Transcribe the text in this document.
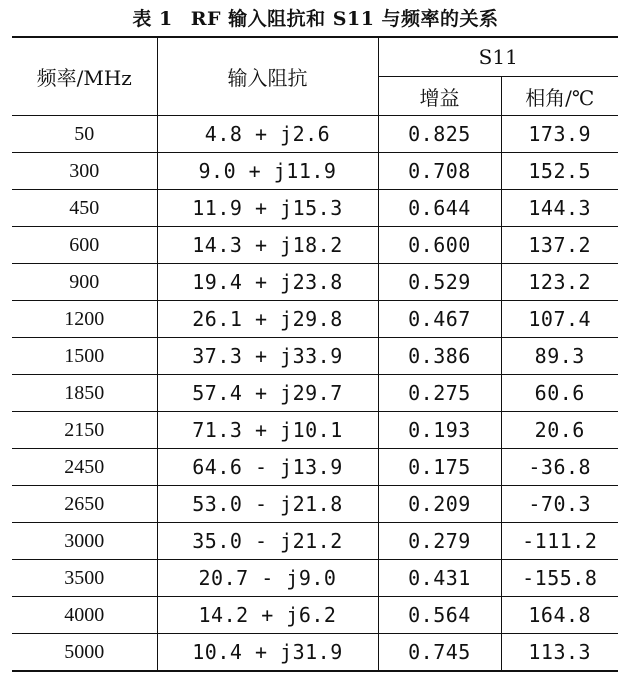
表 1 RF 输入阻抗和 S11 与频率的关系
频率/MHz	输入阻抗	S11	
		增益	相角/℃
50	4.8 + j2.6	0.825	173.9
300	9.0 + j11.9	0.708	152.5
450	11.9 + j15.3	0.644	144.3
600	14.3 + j18.2	0.600	137.2
900	19.4 + j23.8	0.529	123.2
1200	26.1 + j29.8	0.467	107.4
1500	37.3 + j33.9	0.386	89.3
1850	57.4 + j29.7	0.275	60.6
2150	71.3 + j10.1	0.193	20.6
2450	64.6 - j13.9	0.175	-36.8
2650	53.0 - j21.8	0.209	-70.3
3000	35.0 - j21.2	0.279	-111.2
3500	20.7 - j9.0	0.431	-155.8
4000	14.2 + j6.2	0.564	164.8
5000	10.4 + j31.9	0.745	113.3
